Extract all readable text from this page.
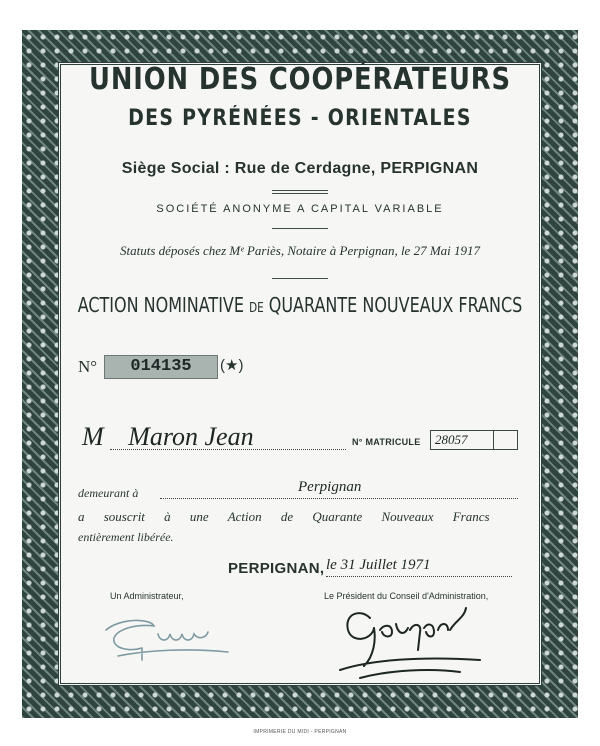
UNION DES COOPÉRATEURS
DES PYRÉNÉES - ORIENTALES
Siège Social : Rue de Cerdagne, PERPIGNAN
SOCIÉTÉ ANONYME A CAPITAL VARIABLE
Statuts déposés chez Mᵉ Pariès, Notaire à Perpignan, le 27 Mai 1917
ACTION NOMINATIVE DE QUARANTE NOUVEAUX FRANCS
N°	014135	(★)
M Maron Jean	N° MATRICULE 28057
demeurant à	Perpignan
a souscrit à une Action de Quarante Nouveaux Francs
entièrement libérée.
PERPIGNAN, le 31 Juillet 1971
Un Administrateur,	Le Président du Conseil d'Administration,
IMPRIMERIE DU MIDI - PERPIGNAN
